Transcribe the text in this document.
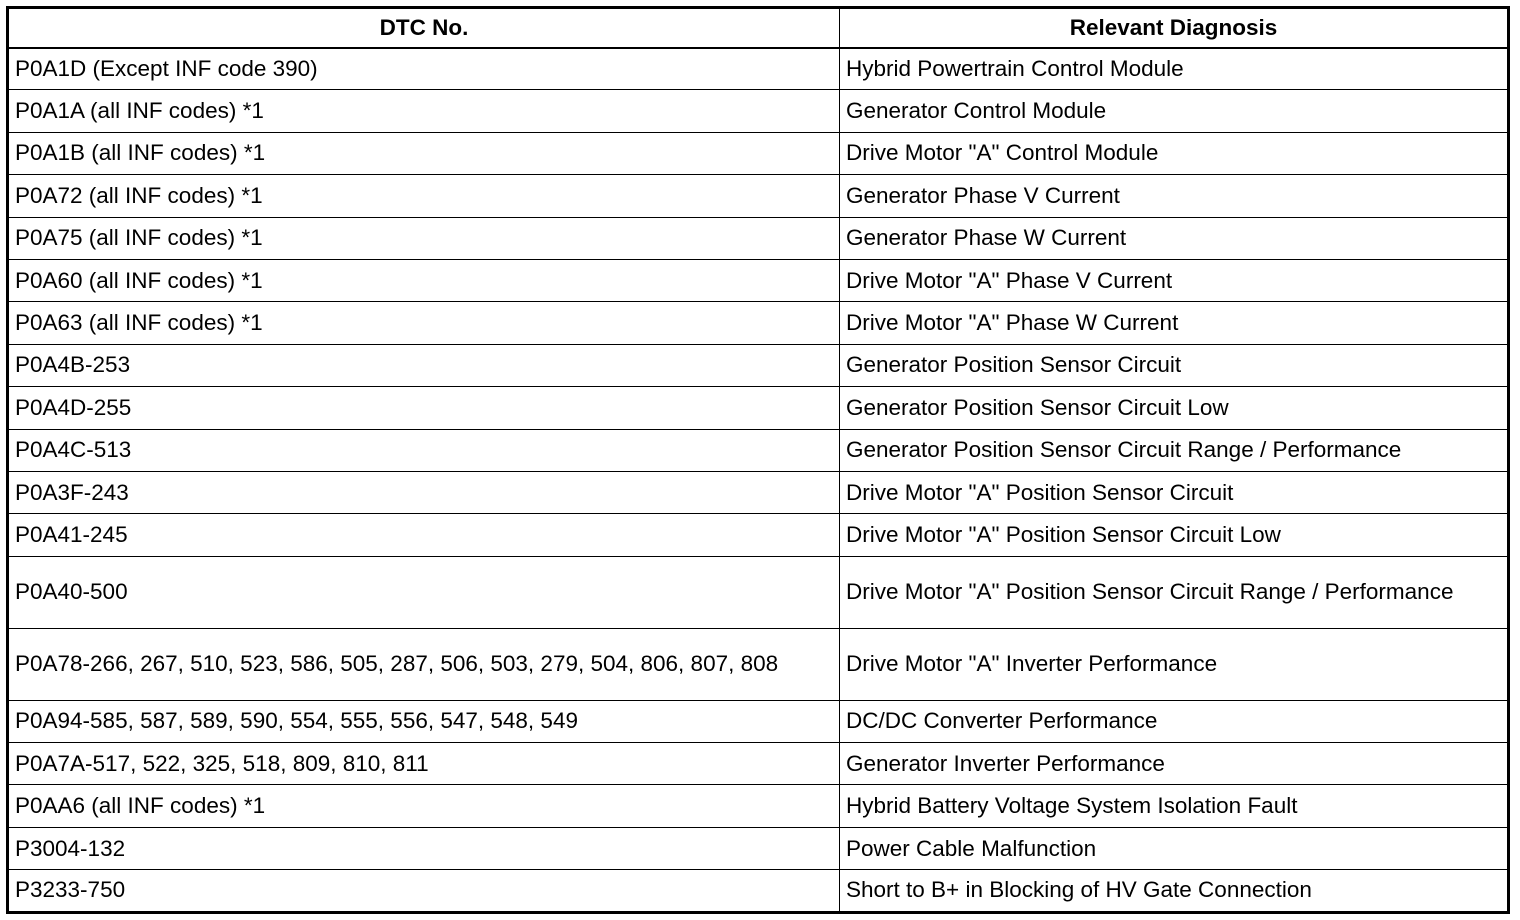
DTC No.	Relevant Diagnosis
P0A1D (Except INF code 390)	Hybrid Powertrain Control Module
P0A1A (all INF codes) *1	Generator Control Module
P0A1B (all INF codes) *1	Drive Motor "A" Control Module
P0A72 (all INF codes) *1	Generator Phase V Current
P0A75 (all INF codes) *1	Generator Phase W Current
P0A60 (all INF codes) *1	Drive Motor "A" Phase V Current
P0A63 (all INF codes) *1	Drive Motor "A" Phase W Current
P0A4B-253	Generator Position Sensor Circuit
P0A4D-255	Generator Position Sensor Circuit Low
P0A4C-513	Generator Position Sensor Circuit Range / Performance
P0A3F-243	Drive Motor "A" Position Sensor Circuit
P0A41-245	Drive Motor "A" Position Sensor Circuit Low
P0A40-500	Drive Motor "A" Position Sensor Circuit Range / Performance
P0A78-266, 267, 510, 523, 586, 505, 287, 506, 503, 279, 504, 806, 807, 808	Drive Motor "A" Inverter Performance
P0A94-585, 587, 589, 590, 554, 555, 556, 547, 548, 549	DC/DC Converter Performance
P0A7A-517, 522, 325, 518, 809, 810, 811	Generator Inverter Performance
P0AA6 (all INF codes) *1	Hybrid Battery Voltage System Isolation Fault
P3004-132	Power Cable Malfunction
P3233-750	Short to B+ in Blocking of HV Gate Connection
